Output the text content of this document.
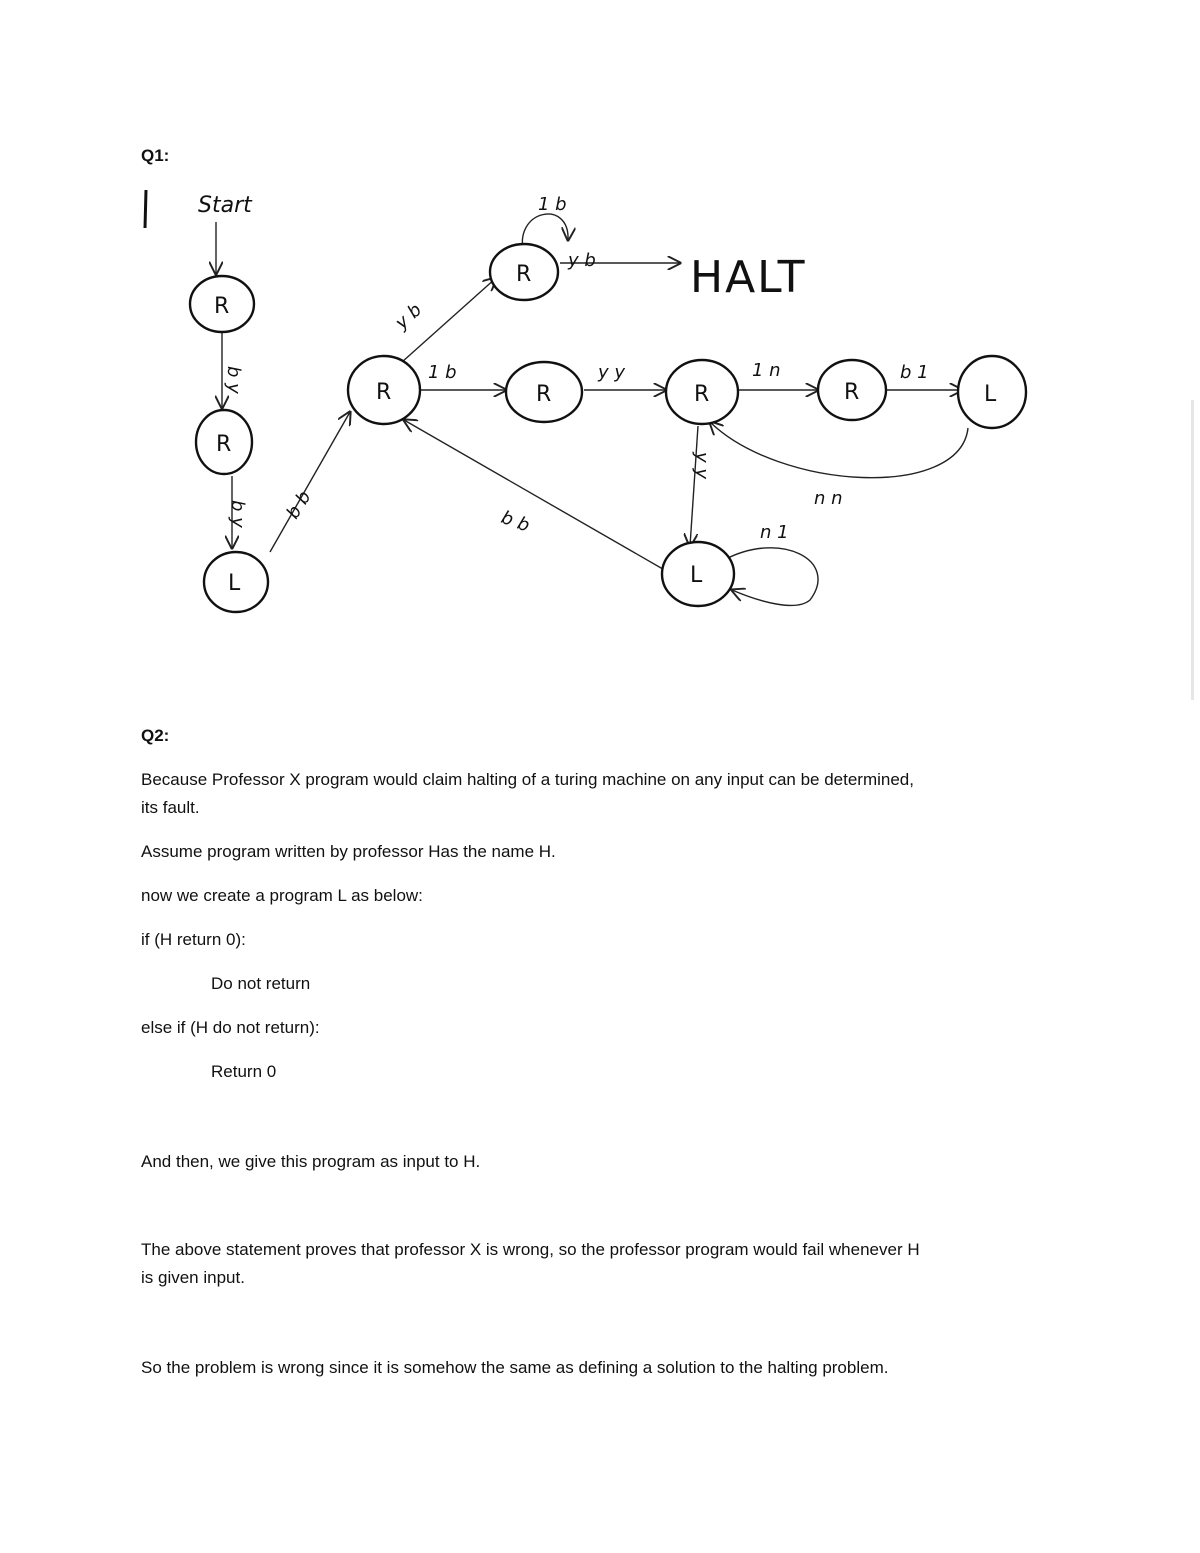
Q1:
Start
R
R
L
R
R
R	R	R	L
L
HALT
b y
b y b b
y b
1 b
y b
1 b	y y	1 n	b 1
n n
y y
n 1
b b
Q2:
Because Professor X program would claim halting of a turing machine on any input can be determined,
its fault.
Assume program written by professor Has the name H.
now we create a program L as below:
if (H return 0):
Do not return
else if (H do not return):
Return 0
And then, we give this program as input to H.
The above statement proves that professor X is wrong, so the professor program would fail whenever H
is given input.
So the problem is wrong since it is somehow the same as defining a solution to the halting problem.
